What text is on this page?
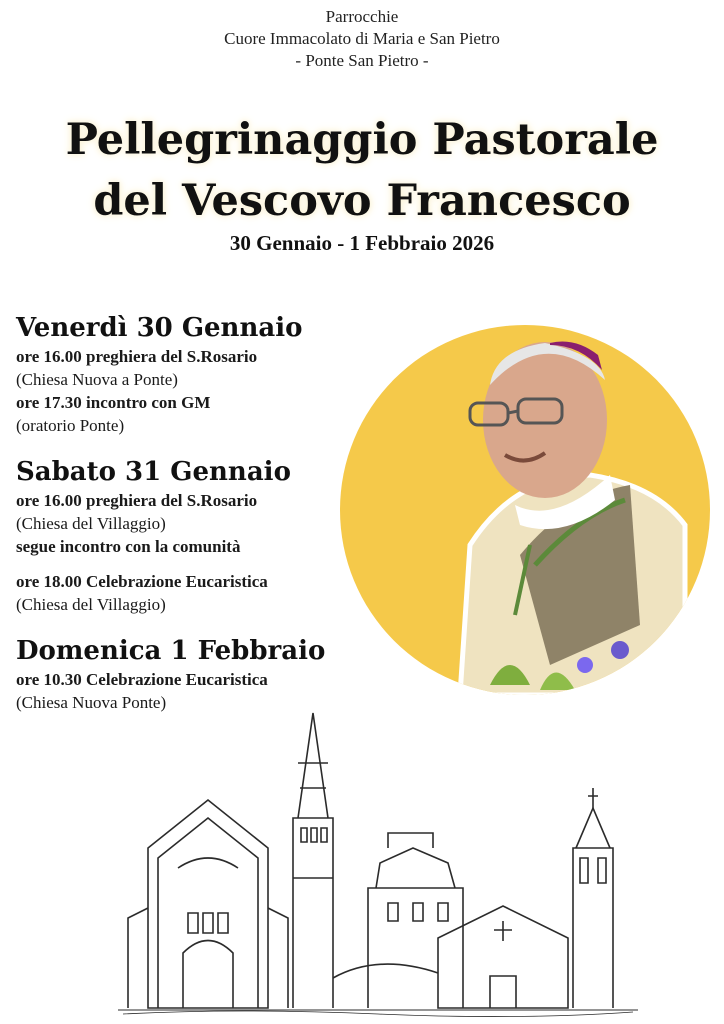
Parrocchie
Cuore Immacolato di Maria e San Pietro
- Ponte San Pietro -
Pellegrinaggio Pastorale
del Vescovo Francesco
30 Gennaio - 1 Febbraio 2026
Venerdì 30 Gennaio
ore 16.00 preghiera del S.Rosario
(Chiesa Nuova a Ponte)
ore 17.30 incontro con GM
(oratorio Ponte)
Sabato 31 Gennaio
ore 16.00 preghiera del S.Rosario
(Chiesa del Villaggio)
segue incontro con la comunità
ore 18.00 Celebrazione Eucaristica
(Chiesa del Villaggio)
Domenica 1 Febbraio
ore 10.30 Celebrazione Eucaristica
(Chiesa Nuova Ponte)
